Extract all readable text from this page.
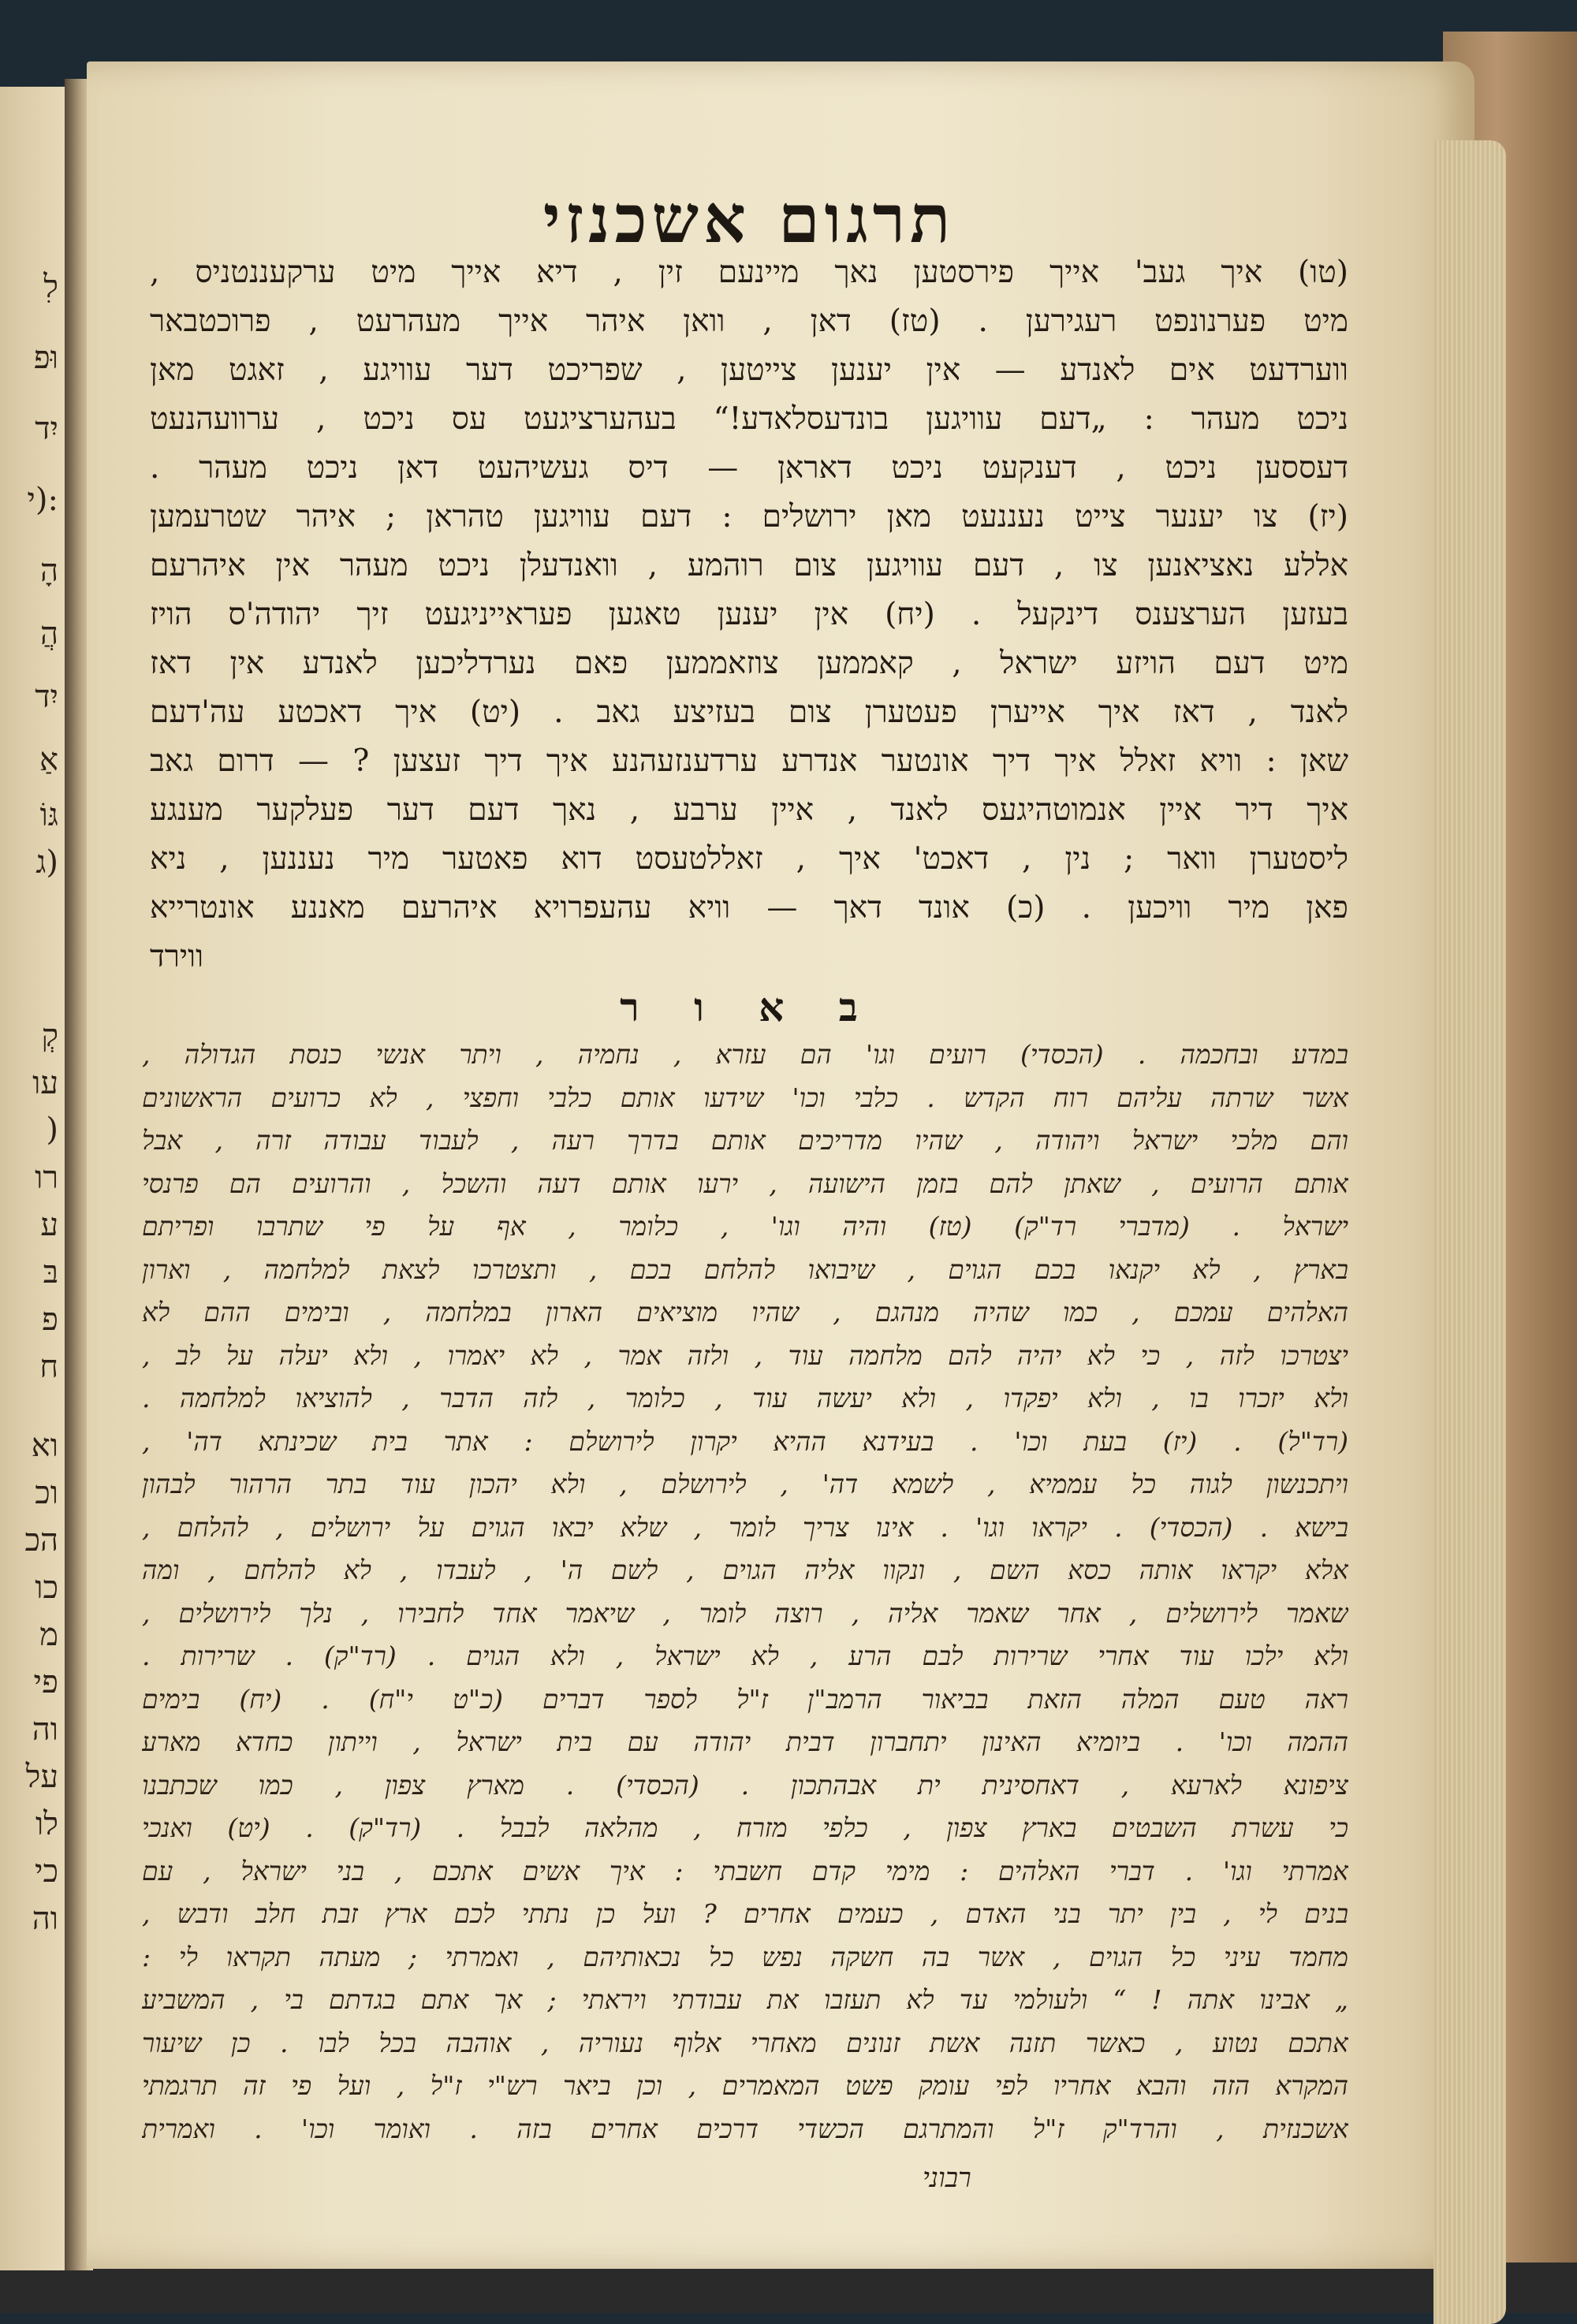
לִ
וּפ
יִד
:(י
הָ
הֲ
יִד
אַ
גּוֹ
(ג
קְ
עו
(
רו
ע
בּ
פ
ח
וא
וכ
הכ
כו
מ
פי
וה
על
לו
כי
וה
תרגום אשכנזי
(טו) איך געב' אייך פירסטען נאך מיינעם זין , דיא אייך מיט ערקעננטניס ,
מיט פערנונפט רעגירען . (טז) דאן , וואן איהר אייך מעהרעט , פרוכטבאר
ווערדעט אים לאנדע — אין יענען צייטען , שפריכט דער עוויגע , זאגט מאן
ניכט מעהר : „דעם עוויגען בונדעסלאדע!“ בעהערציגעט עס ניכט , ערוועהנעט
דעססען ניכט , דענקעט ניכט דאראן — דיס געשיהעט דאן ניכט מעהר .
(יז) צו יענער צייט נעננעט מאן ירושלים : דעם עוויגען טהראן ; איהר שטרעמען
אללע נאציאנען צו , דעם עוויגען צום רוהמע , וואנדעלן ניכט מעהר אין איהרעם
בעזען הערצענס דינקעל . (יח) אין יענען טאגען פעראייניגעט זיך יהודה'ס הויז
מיט דעם הויזע ישראל , קאממען צוזאממען פאם נערדליכען לאנדע אין דאז
לאנד , דאז איך אייערן פעטערן צום בעזיצע גאב . (יט) איך דאכטע עה'דעם
שאן : וויא זאלל איך דיך אונטער אנדרע ערדענזעהנע איך דיך זעצען ? — דרום גאב
איך דיר איין אנמוטהיגעס לאנד , איין ערבע , נאך דעם דער פעלקער מענגע
ליסטערן וואר ; נין , דאכט' איך , זאללטעסט דוא פאטער מיר נעננען , ניא
פאן מיר וויכען . (כ) אונד דאך — וויא עהעפרויא איהרעם מאננע אונטרייא
ווירד
ב א ו ר
במדע ובחכמה . (הכסדי) רועים וגו' הם עזרא , נחמיה , ויתר אנשי כנסת הגדולה ,
אשר שרתה עליהם רוח הקדש . כלבי וכו' שידעו אותם כלבי וחפצי , לא כרועים הראשונים
והם מלכי ישראל ויהודה , שהיו מדריכים אותם בדרך רעה , לעבוד עבודה זרה , אבל
אותם הרועים , שאתן להם בזמן הישועה , ירעו אותם דעה והשכל , והרועים הם פרנסי
ישראל . (מדברי רד"ק) (טז) והיה וגו' , כלומר , אף על פי שתרבו ופריתם
בארץ , לא יקנאו בכם הגוים , שיבואו להלחם בכם , ותצטרכו לצאת למלחמה , וארון
האלהים עמכם , כמו שהיה מנהגם , שהיו מוציאים הארון במלחמה , ובימים ההם לא
יצטרכו לזה , כי לא יהיה להם מלחמה עוד , ולזה אמר , לא יאמרו , ולא יעלה על לב ,
ולא יזכרו בו , ולא יפקדו , ולא יעשה עוד , כלומר , לזה הדבר , להוציאו למלחמה .
(רד"ל) . (יז) בעת וכו' . בעידנא ההיא יקרון לירושלם : אתר בית שכינתא דה' ,
ויתכנשון לגוה כל עממיא , לשמא דה' , לירושלם , ולא יהכון עוד בתר הרהור לבהון
בישא . (הכסדי) . יקראו וגו' . אינו צריך לומר , שלא יבאו הגוים על ירושלים , להלחם ,
אלא יקראו אותה כסא השם , ונקוו אליה הגוים , לשם ה' , לעבדו , לא להלחם , ומה
שאמר לירושלים , אחר שאמר אליה , רוצה לומר , שיאמר אחד לחבירו , נלך לירושלים ,
ולא ילכו עוד אחרי שרירות לבם הרע , לא ישראל , ולא הגוים . (רד"ק) . שרירות .
ראה טעם המלה הזאת בביאור הרמב"ן ז"ל לספר דברים (כ"ט י"ח) . (יח) בימים
ההמה וכו' . ביומיא האינון יתחברון דבית יהודה עם בית ישראל , וייתון כחדא מארע
ציפונא לארעא , דאחסינית ית אבהתכון . (הכסדי) . מארץ צפון , כמו שכתבנו
כי עשרת השבטים בארץ צפון , כלפי מזרח , מהלאה לבבל . (רד"ק) . (יט) ואנכי
אמרתי וגו' . דברי האלהים : מימי קדם חשבתי : איך אשים אתכם , בני ישראל , עם
בנים לי , בין יתר בני האדם , כעמים אחרים ? ועל כן נתתי לכם ארץ זבת חלב ודבש ,
מחמד עיני כל הגוים , אשר בה חשקה נפש כל נכאותיהם , ואמרתי ; מעתה תקראו לי :
„ אבינו אתה ! “ ולעולמי עד לא תעזבו את עבודתי ויראתי ; אך אתם בגדתם בי , המשביע
אתכם נטוע , כאשר תזנה אשת זנונים מאחרי אלוף נעוריה , אוהבה בכל לבו . כן שיעור
המקרא הזה והבא אחריו לפי עומק פשט המאמרים , וכן ביאר רש"י ז"ל , ועל פי זה תרגמתי
אשכנזית , והרד"ק ז"ל והמתרגם הכשדי דרכים אחרים בזה . ואומר וכו' . ואמרית
רבוני
